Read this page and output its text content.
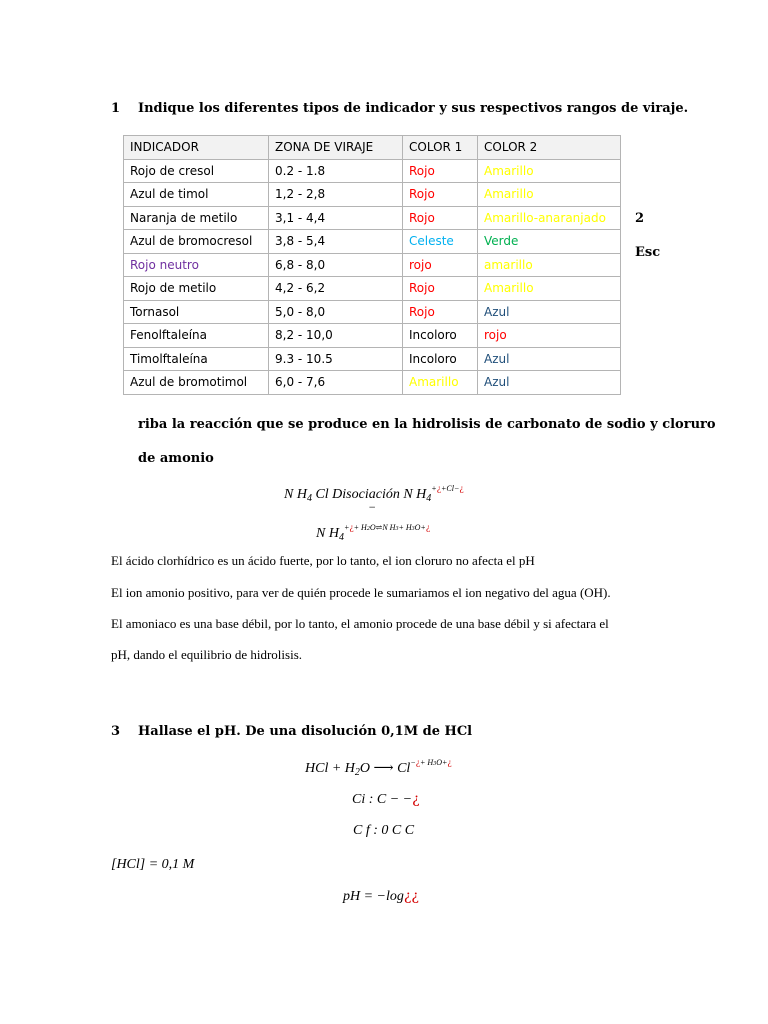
1 Indique los diferentes tipos de indicador y sus respectivos rangos de viraje.
INDICADOR	ZONA DE VIRAJE	COLOR 1	COLOR 2
Rojo de cresol	0.2 - 1.8	Rojo	Amarillo
Azul de timol	1,2 - 2,8	Rojo	Amarillo
Naranja de metilo	3,1 - 4,4	Rojo	Amarillo-anaranjado
Azul de bromocresol	3,8 - 5,4	Celeste	Verde
Rojo neutro	6,8 - 8,0	rojo	amarillo
Rojo de metilo	4,2 - 6,2	Rojo	Amarillo
Tornasol	5,0 - 8,0	Rojo	Azul
Fenolftaleína	8,2 - 10,0	Incoloro	rojo
Timolftaleína	9.3 - 10.5	Incoloro	Azul
Azul de bromotimol	6,0 - 7,6	Amarillo	Azul
2
Esc
riba la reacción que se produce en la hidrolisis de carbonato de sodio y cloruro
de amonio
N $H_4$ Cl Disociación N $H_4^{+¿+Cl-¿}$
−
N $H_4^{+¿+ H2O\rightleftharpoons N H3+ H3O+¿}$
El ácido clorhídrico es un ácido fuerte, por lo tanto, el ion cloruro no afecta el pH
El ion amonio positivo, para ver de quién procede le sumariamos el ion negativo del agua (OH).
El amoniaco es una base débil, por lo tanto, el amonio procede de una base débil y si afectara el
pH, dando el equilibrio de hidrolisis.
3 Hallase el pH. De una disolución 0,1M de HCl
HCl + $H_2O$ ⟶ $Cl^{-¿+ H3O+¿}$
Ci : C − −¿
C f : 0 C C
[HCl] = 0,1 M
pH = −log¿¿
